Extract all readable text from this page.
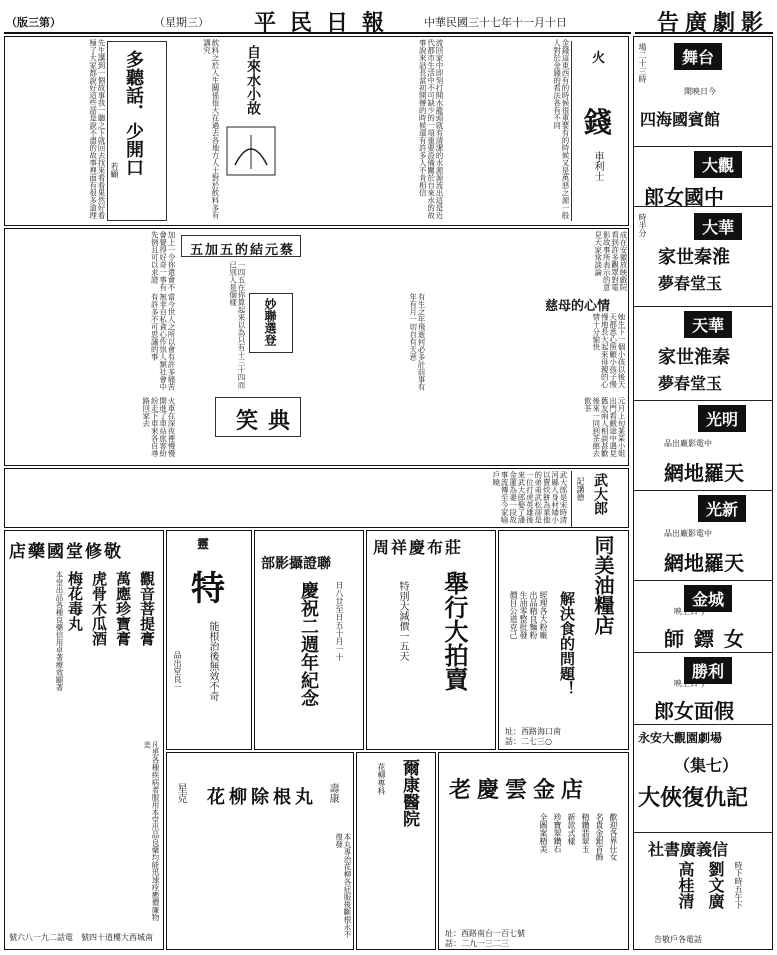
（版三第）	（星期三） 平民日報 中華民國三十七年十一月十日	告廣劇影
先生講到一個故事我一聽之下就回去找來看看果然好看極了大家都說好這些話是說不盡的故事裡面有很多道理	多聽話．少開口
若顧	飲料之於人生關係很大在過去各地方人士對於飲料多有講究	自來水小故	流回家中即刻打開水龍頭就有清潔的水源源流出這是近代都市生活中不可缺少的一項重要設備關於自來水的故事說來話長當初開辦的時候還有許多人不肯相信	金錢這東西有的時候很重要有的時候又是萬惡之源一般人對於金錢的看法各有不同	火
錢
車利士
加上一令你還會不會覺得好奇一事有先例且可以求證	五加五的結元蔡	成在安徽放映戲院看到許多觀眾對電影故事所表示的意見大家常談論
當今世人之所以會有許多痛苦無非自私貪心作祟人類社會中有許多不可思議的事	一四五在你算起來以為只有十三十四而已別人是個樣
妙聯選登	有生之年飛逝何必多計前事有年有月一切自有天意	慈母的心情
她生下一個小孩以後天天都悉心照顧小孩子慢慢地長大起來母親的心情十分愉快
火車在深夜裡慢慢開進了車站旅客紛紛走下車來各自尋路回家去	笑典	元月上旬某某小姐出門看戲途中遇見舊友兩人相談甚歡後來一同到茶館去飲茶
武大郎是宋時清河縣人身材矮小以賣炊餅為業他的弟弟武松卻是一位打虎英雄後來武大郎娶了潘金蓮為妻一段故事流傳至今家喻戶曉	武大郎
記講德
店藥國堂修敬
觀音菩提膏
萬應珍寶膏
虎骨木瓜酒
梅花毒丸
本堂出品各種良藥信用卓著療效顯著
凡患各種疾病者服用本堂出品良藥均能迅速痊癒價廉物美
號六八一九二話電　號四十道樓大西城南
靈
特
能根治後無效不奇
品出堂良一
部影攝證聯
慶祝二週年紀念 日八廿至日五十月一十
周祥慶布莊
舉行大拍賣
特別大減價一五天	同美油糧店
解決食的問題！
經理各大粉廠
出品精良麵粉
生油零整批發
價目公道克己
址：西路海口南
話：二七三○
星克 花柳除根丸 壽康
本丸專治花柳各症服後斷根永不復發
爾康醫院
花柳專科	老慶雲金店
歡迎各界仕女
名貴金銀首飾
精鑽翡翠玉
新款式樣
珍寶翠鑽石
全圖案精美
址：西路南台一百七號
話：二九一三二三
場二十三時	舞台
四海國賓館
開映日今
大觀
郎女國中
時半分	大華
家世秦淮
夢春堂玉
天華
家世淮秦
夢春堂玉
光明
品出廠影電中
網地羅天
光新
品出廠影電中
網地羅天
金城
映上日今
師鏢女
勝利
映上日今
郎女面假
永安大觀園劇場
（集七）
大俠復仇記
社書廣義信
劉文廣
高桂清	時下時五午下
告敬戶各電話
